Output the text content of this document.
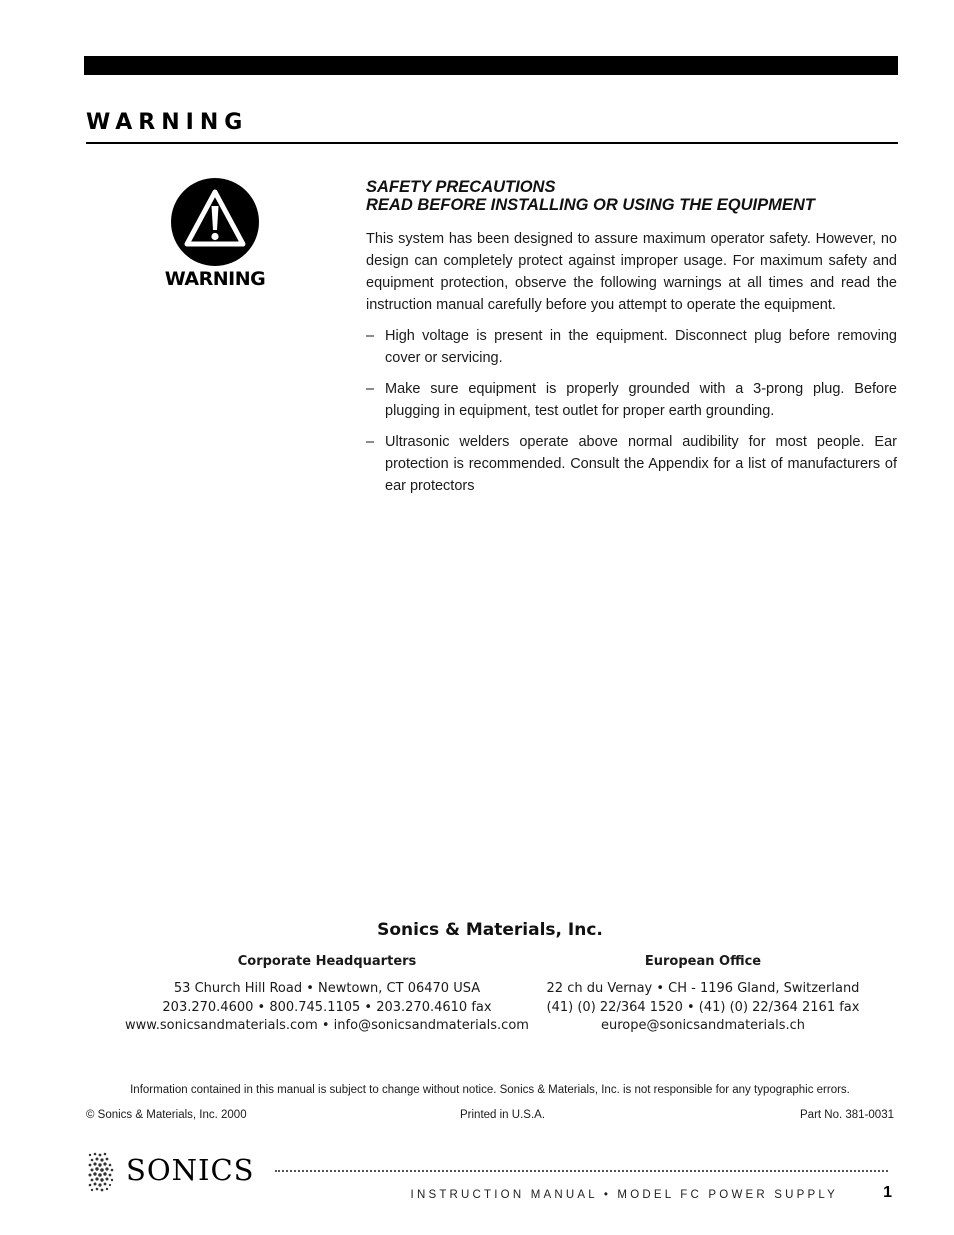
WARNING
WARNING
SAFETY PRECAUTIONS
READ BEFORE INSTALLING OR USING THE EQUIPMENT

This system has been designed to assure maximum operator safety. However, no design can completely protect against improper usage. For maximum safety and equipment protection, observe the following warnings at all times and read the instruction manual carefully before you attempt to operate the equipment.

– High voltage is present in the equipment. Disconnect plug before removing cover or servicing.
– Make sure equipment is properly grounded with a 3-prong plug. Before plugging in equipment, test outlet for proper earth grounding.
– Ultrasonic welders operate above normal audibility for most people. Ear protection is recommended. Consult the Appendix for a list of manufacturers of ear protectors
Sonics & Materials, Inc.
Corporate Headquarters
53 Church Hill Road • Newtown, CT 06470 USA
203.270.4600 • 800.745.1105 • 203.270.4610 fax
www.sonicsandmaterials.com • info@sonicsandmaterials.com
European Office
22 ch du Vernay • CH - 1196 Gland, Switzerland
(41) (0) 22/364 1520 • (41) (0) 22/364 2161 fax
europe@sonicsandmaterials.ch
Information contained in this manual is subject to change without notice. Sonics & Materials, Inc. is not responsible for any typographic errors.
© Sonics & Materials, Inc. 2000	Printed in U.S.A.	Part No. 381-0031
SONICS
INSTRUCTION MANUAL • MODEL FC POWER SUPPLY	1
